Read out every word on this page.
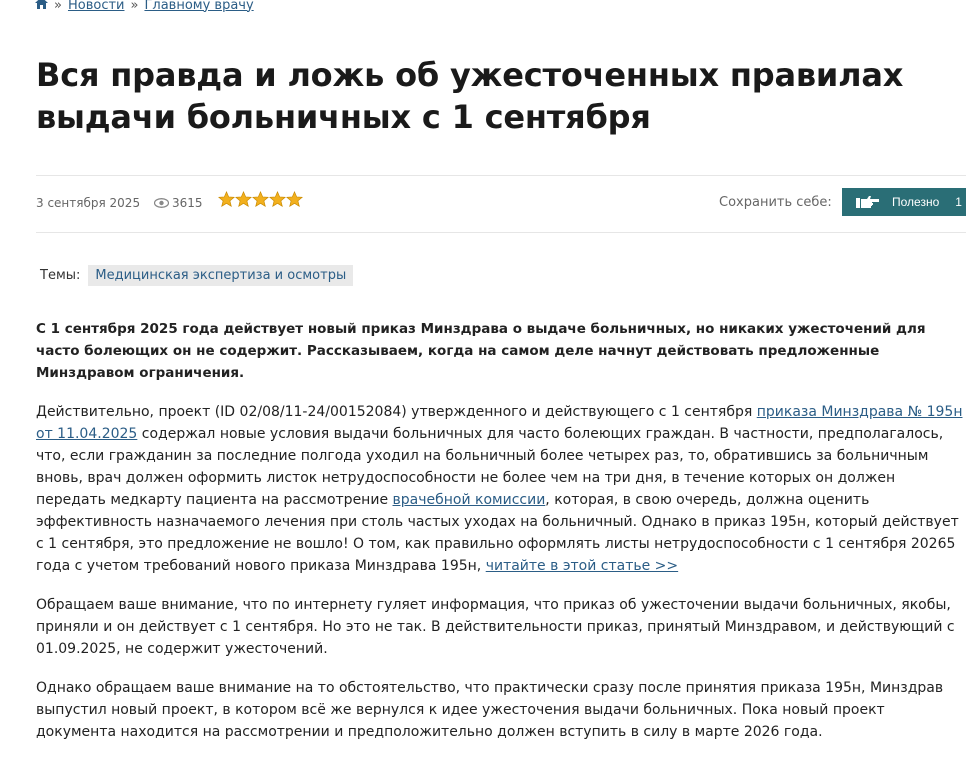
» Новости » Главному врачу
Вся правда и ложь об ужесточенных правилах выдачи больничных с 1 сентября
3 сентября 2025	3615	Сохранить себе:	Полезно 1
Темы:	Медицинская экспертиза и осмотры

С 1 сентября 2025 года действует новый приказ Минздрава о выдаче больничных, но никаких ужесточений для часто болеющих он не содержит. Рассказываем, когда на самом деле начнут действовать предложенные Минздравом ограничения.

Действительно, проект (ID 02/08/11-24/00152084) утвержденного и действующего с 1 сентября приказа Минздрава № 195н от 11.04.2025 содержал новые условия выдачи больничных для часто болеющих граждан. В частности, предполагалось, что, если гражданин за последние полгода уходил на больничный более четырех раз, то, обратившись за больничным вновь, врач должен оформить листок нетрудоспособности не более чем на три дня, в течение которых он должен передать медкарту пациента на рассмотрение врачебной комиссии, которая, в свою очередь, должна оценить эффективность назначаемого лечения при столь частых уходах на больничный. Однако в приказ 195н, который действует с 1 сентября, это предложение не вошло! О том, как правильно оформлять листы нетрудоспособности с 1 сентября 20265 года с учетом требований нового приказа Минздрава 195н, читайте в этой статье >>

Обращаем ваше внимание, что по интернету гуляет информация, что приказ об ужесточении выдачи больничных, якобы, приняли и он действует с 1 сентября. Но это не так. В действительности приказ, принятый Минздравом, и действующий с 01.09.2025, не содержит ужесточений.

Однако обращаем ваше внимание на то обстоятельство, что практически сразу после принятия приказа 195н, Минздрав выпустил новый проект, в котором всё же вернулся к идее ужесточения выдачи больничных. Пока новый проект документа находится на рассмотрении и предположительно должен вступить в силу в марте 2026 года.
